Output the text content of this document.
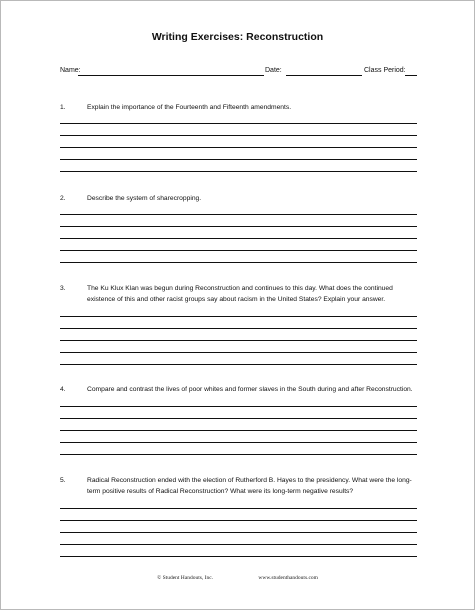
Writing Exercises: Reconstruction
Name:	Date:	Class Period:
1.	Explain the importance of the Fourteenth and Fifteenth amendments.
2.	Describe the system of sharecropping.
3.	The Ku Klux Klan was begun during Reconstruction and continues to this day. What does the continued existence of this and other racist groups say about racism in the United States? Explain your answer.
4.	Compare and contrast the lives of poor whites and former slaves in the South during and after Reconstruction.
5.	Radical Reconstruction ended with the election of Rutherford B. Hayes to the presidency. What were the long-term positive results of Radical Reconstruction? What were its long-term negative results?
© Student Handouts, Inc.	www.studenthandouts.com
